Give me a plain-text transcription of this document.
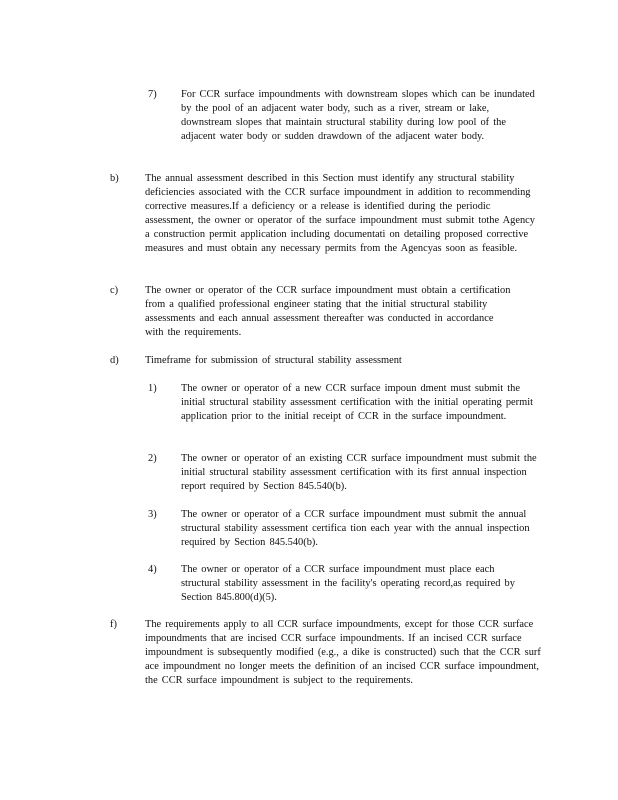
7) For CCR surface impoundments with downstream slopes which can be inundated by the pool of an adjacent water body, such as a river, stream or lake, downstream slopes that maintain structural stability during low pool of the adjacent water body or sudden drawdown of the adjacent water body.

b)	The annual assessment described in this Section must identify any structural stability deficiencies associated with the CCR surface impoundment in addition to recommending corrective measures.If a deficiency or a release is identified during the periodic assessment, the owner or operator of the surface impoundment must submit tothe Agency a construction permit application including documentati on detailing proposed corrective measures and must obtain any necessary permits from the Agencyas soon as feasible.

c)	The owner or operator of the CCR surface impoundment must obtain a certification from a qualified professional engineer stating that the initial structural stability assessments and each annual assessment thereafter was conducted in accordance with the requirements.

d)	Timeframe for submission of structural stability assessment

1) The owner or operator of a new CCR surface impoun dment must submit the initial structural stability assessment certification with the initial operating permit application prior to the initial receipt of CCR in the surface impoundment.

2) The owner or operator of an existing CCR surface impoundment must submit the initial structural stability assessment certification with its first annual inspection report required by Section 845.540(b).

3) The owner or operator of a CCR surface impoundment must submit the annual structural stability assessment certifica tion each year with the annual inspection required by Section 845.540(b).

4) The owner or operator of a CCR surface impoundment must place each structural stability assessment in the facility's operating record,as required by Section 845.800(d)(5).

f)	The requirements apply to all CCR surface impoundments, except for those CCR surface impoundments that are incised CCR surface impoundments. If an incised CCR surface impoundment is subsequently modified (e.g., a dike is constructed) such that the CCR surf ace impoundment no longer meets the definition of an incised CCR surface impoundment, the CCR surface impoundment is subject to the requirements.
